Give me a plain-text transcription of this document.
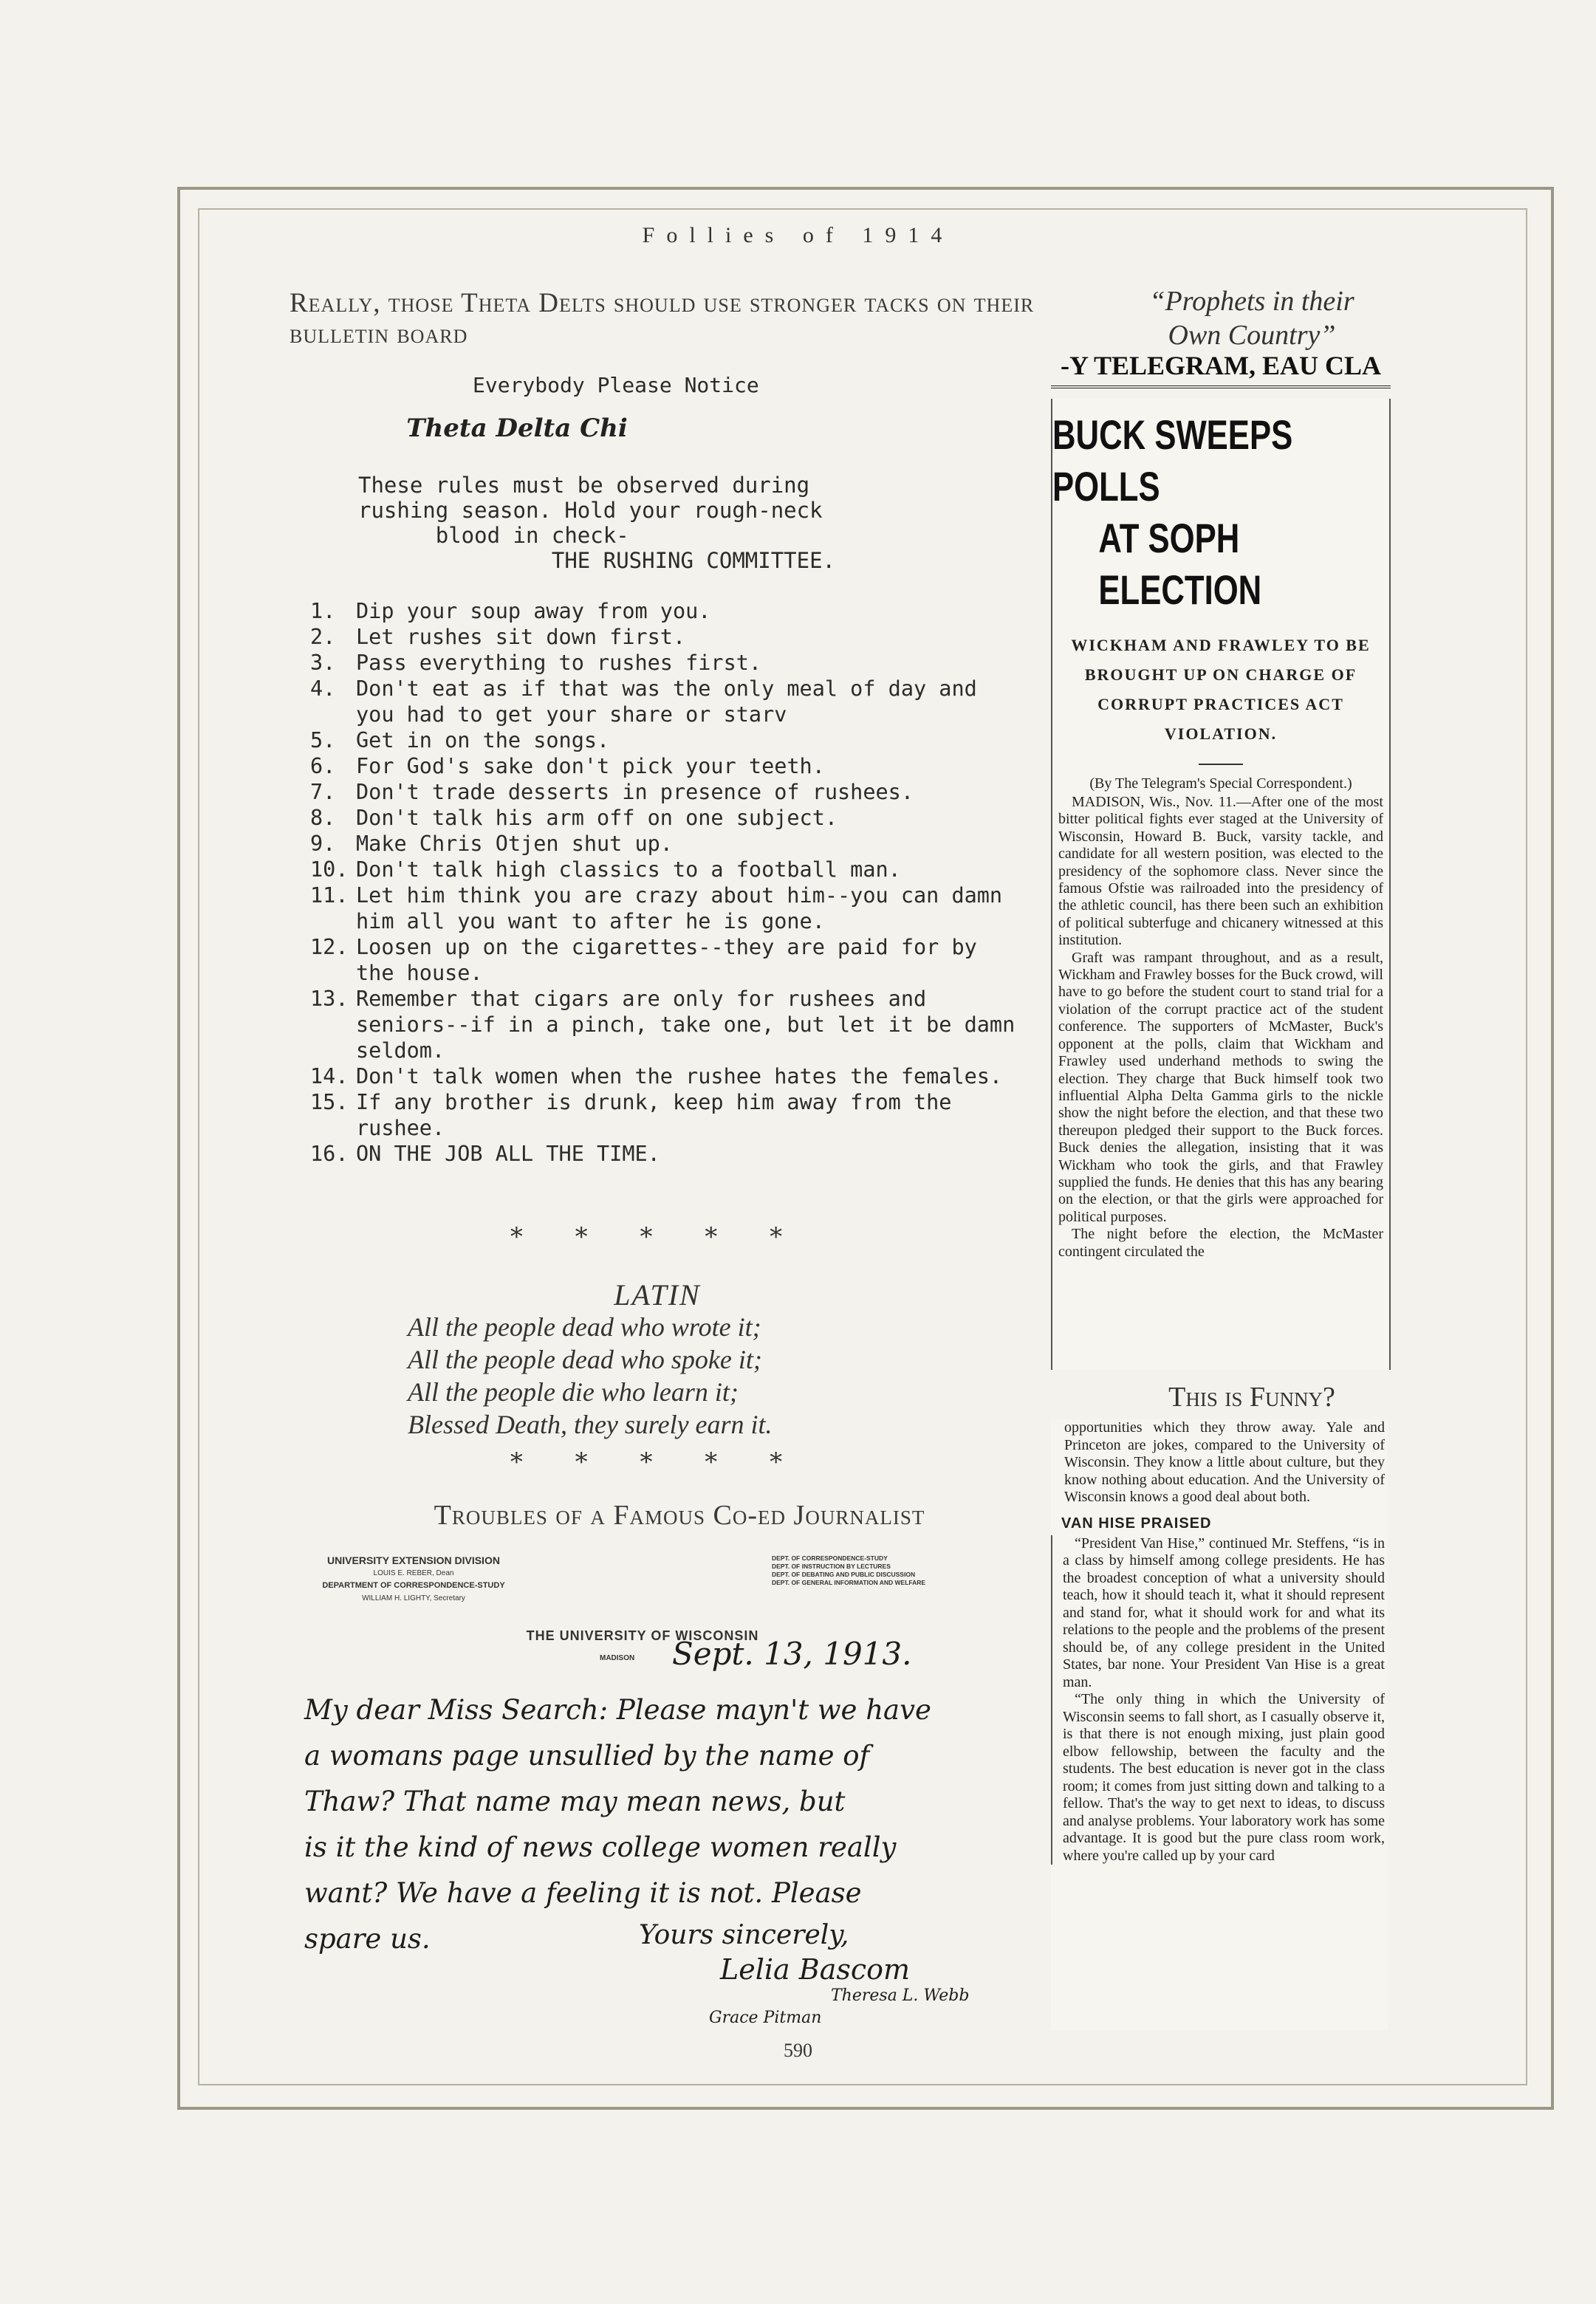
Follies of 1914
Really, those Theta Delts should use stronger tacks on their bulletin board
Everybody Please Notice
Theta Delta Chi
These rules must be observed during
rushing season. Hold your rough-neck
blood in check-
THE RUSHING COMMITTEE.
1. Dip your soup away from you.
2. Let rushes sit down first.
3. Pass everything to rushes first.
4. Don't eat as if that was the only meal of day and you had to get your share or starv
5. Get in on the songs.
6. For God's sake don't pick your teeth.
7. Don't trade desserts in presence of rushees.
8. Don't talk his arm off on one subject.
9. Make Chris Otjen shut up.
10. Don't talk high classics to a football man.
11. Let him think you are crazy about him--you can damn him all you want to after he is gone.
12. Loosen up on the cigarettes--they are paid for by the house.
13. Remember that cigars are only for rushees and seniors--if in a pinch, take one, but let it be damn seldom.
14. Don't talk women when the rushee hates the females.
15. If any brother is drunk, keep him away from the rushee.
16. ON THE JOB ALL THE TIME.
* * * * *
LATIN
All the people dead who wrote it;
All the people dead who spoke it;
All the people die who learn it;
Blessed Death, they surely earn it.
* * * * *
Troubles of a Famous Co-ed Journalist
UNIVERSITY EXTENSION DIVISION
LOUIS E. REBER, Dean
DEPARTMENT OF CORRESPONDENCE-STUDY
WILLIAM H. LIGHTY, Secretary
DEPT. OF CORRESPONDENCE-STUDY
DEPT. OF INSTRUCTION BY LECTURES
DEPT. OF DEBATING AND PUBLIC DISCUSSION
DEPT. OF GENERAL INFORMATION AND WELFARE
THE UNIVERSITY OF WISCONSIN
MADISON Sept. 13, 1913.
My dear Miss Search: Please mayn't we have
a womans page unsullied by the name of
Thaw? That name may mean news, but
is it the kind of news college women really
want? We have a feeling it is not. Please
spare us.	Yours sincerely,
Lelia Bascom
Theresa L. Webb
Grace Pitman
590
“Prophets in their
Own Country”
-Y TELEGRAM, EAU CLA
BUCK SWEEPS POLLS
AT SOPH ELECTION
WICKHAM AND FRAWLEY TO BE BROUGHT UP ON CHARGE OF CORRUPT PRACTICES ACT VIOLATION.
(By The Telegram's Special Correspondent.)

MADISON, Wis., Nov. 11.—After one of the most bitter political fights ever staged at the University of Wisconsin, Howard B. Buck, varsity tackle, and candidate for all western position, was elected to the presidency of the sophomore class. Never since the famous Ofstie was railroaded into the presidency of the athletic council, has there been such an exhibition of political subterfuge and chicanery witnessed at this institution.

Graft was rampant throughout, and as a result, Wickham and Frawley bosses for the Buck crowd, will have to go before the student court to stand trial for a violation of the corrupt practice act of the student conference. The supporters of McMaster, Buck's opponent at the polls, claim that Wickham and Frawley used underhand methods to swing the election. They charge that Buck himself took two influential Alpha Delta Gamma girls to the nickle show the night before the election, and that these two thereupon pledged their support to the Buck forces. Buck denies the allegation, insisting that it was Wickham who took the girls, and that Frawley supplied the funds. He denies that this has any bearing on the election, or that the girls were approached for political purposes.

The night before the election, the McMaster contingent circulated the

This is Funny?
opportunities which they throw away. Yale and Princeton are jokes, compared to the University of Wisconsin. They know a little about culture, but they know nothing about education. And the University of Wisconsin knows a good deal about both.
VAN HISE PRAISED

“President Van Hise,” continued Mr. Steffens, “is in a class by himself among college presidents. He has the broadest conception of what a university should teach, how it should teach it, what it should represent and stand for, what it should work for and what its relations to the people and the problems of the present should be, of any college president in the United States, bar none. Your President Van Hise is a great man.

“The only thing in which the University of Wisconsin seems to fall short, as I casually observe it, is that there is not enough mixing, just plain good elbow fellowship, between the faculty and the students. The best education is never got in the class room; it comes from just sitting down and talking to a fellow. That's the way to get next to ideas, to discuss and analyse problems. Your laboratory work has some advantage. It is good but the pure class room work, where you're called up by your card
